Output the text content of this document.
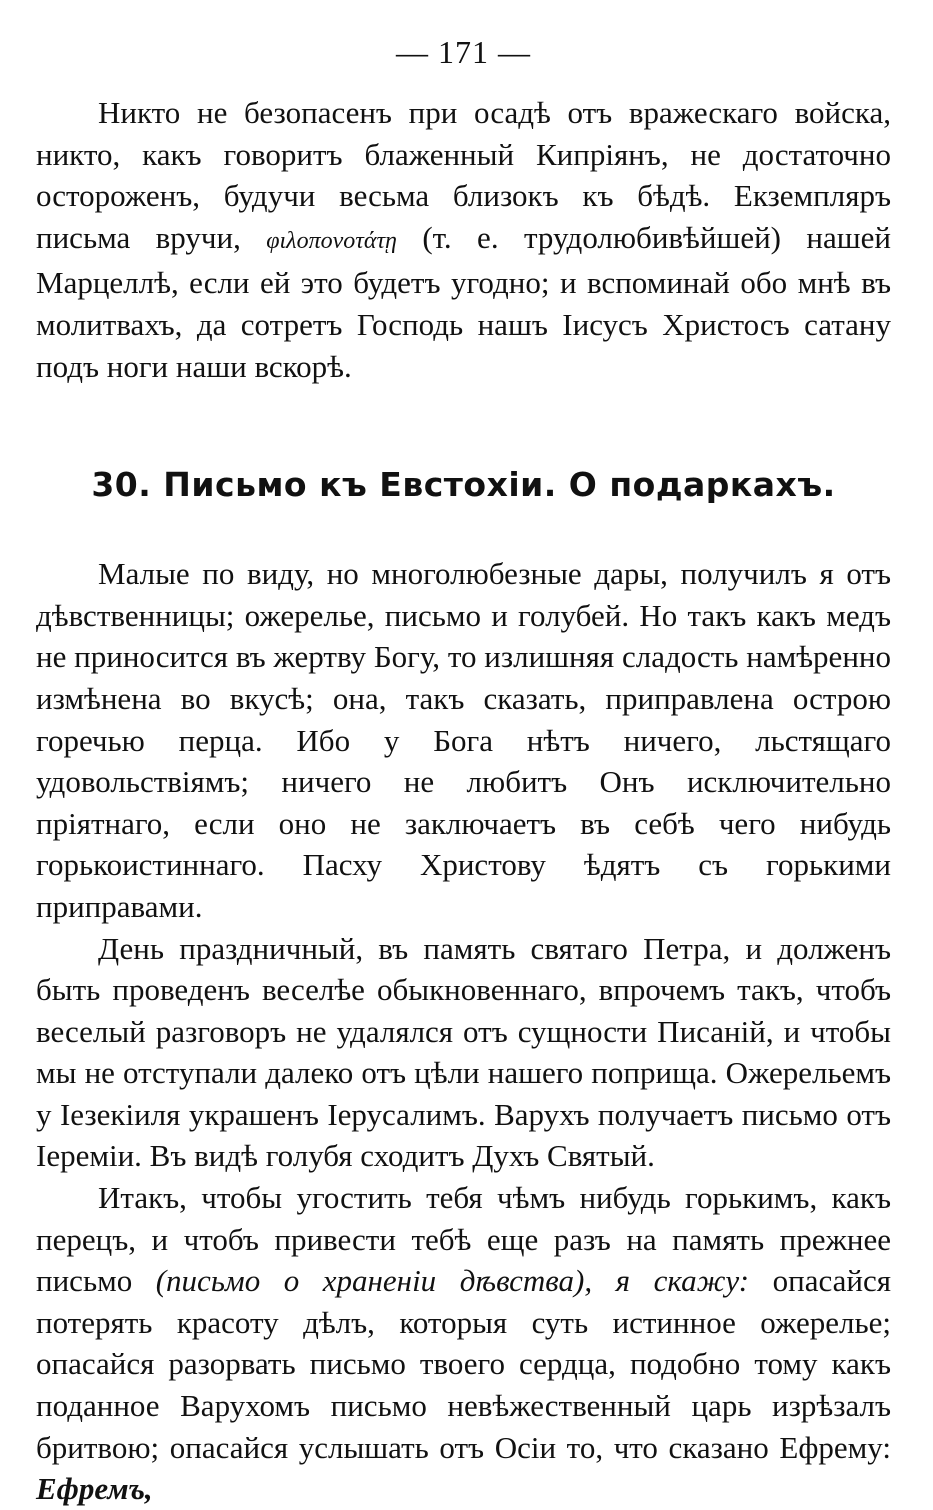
— 171 —

Никто не безопасенъ при осадѣ отъ вражескаго войска, никто, какъ говоритъ блаженный Кипріянъ, не достаточно остороженъ, будучи весьма близокъ къ бѣдѣ. Екземпляръ письма вручи, φιλοπονοτάτῃ (т. е. трудолюбивѣйшей) нашей Марцеллѣ, если ей это будетъ угодно; и вспоминай обо мнѣ въ молитвахъ, да сотретъ Господь нашъ Іисусъ Христосъ сатану подъ ноги наши вскорѣ.

30. Письмо къ Евстохіи. О подаркахъ.

Малые по виду, но многолюбезные дары, получилъ я отъ дѣвственницы; ожерелье, письмо и голубей. Но такъ какъ медъ не приносится въ жертву Богу, то излишняя сладость намѣренно измѣнена во вкусѣ; она, такъ сказать, приправлена острою горечью перца. Ибо у Бога нѣтъ ничего, льстящаго удовольствіямъ; ничего не любитъ Онъ исключительно пріятнаго, если оно не заключаетъ въ себѣ чего нибудь горькоистиннаго. Пасху Христову ѣдятъ съ горькими приправами.

День праздничный, въ память святаго Петра, и долженъ быть проведенъ веселѣе обыкновеннаго, впрочемъ такъ, чтобъ веселый разговоръ не удалялся отъ сущности Писаній, и чтобы мы не отступали далеко отъ цѣли нашего поприща. Ожерельемъ у Іезекіиля украшенъ Іерусалимъ. Варухъ получаетъ письмо отъ Іереміи. Въ видѣ голубя сходитъ Духъ Святый.

Итакъ, чтобы угостить тебя чѣмъ нибудь горькимъ, какъ перецъ, и чтобъ привести тебѣ еще разъ на память прежнее письмо (письмо о храненіи дѣвства), я скажу: опасайся потерять красоту дѣлъ, которыя суть истинное ожерелье; опасайся разорвать письмо твоего сердца, подобно тому какъ поданное Варухомъ письмо невѣжественный царь изрѣзалъ бритвою; опасайся услышать отъ Осіи то, что сказано Ефрему: Ефремъ,
